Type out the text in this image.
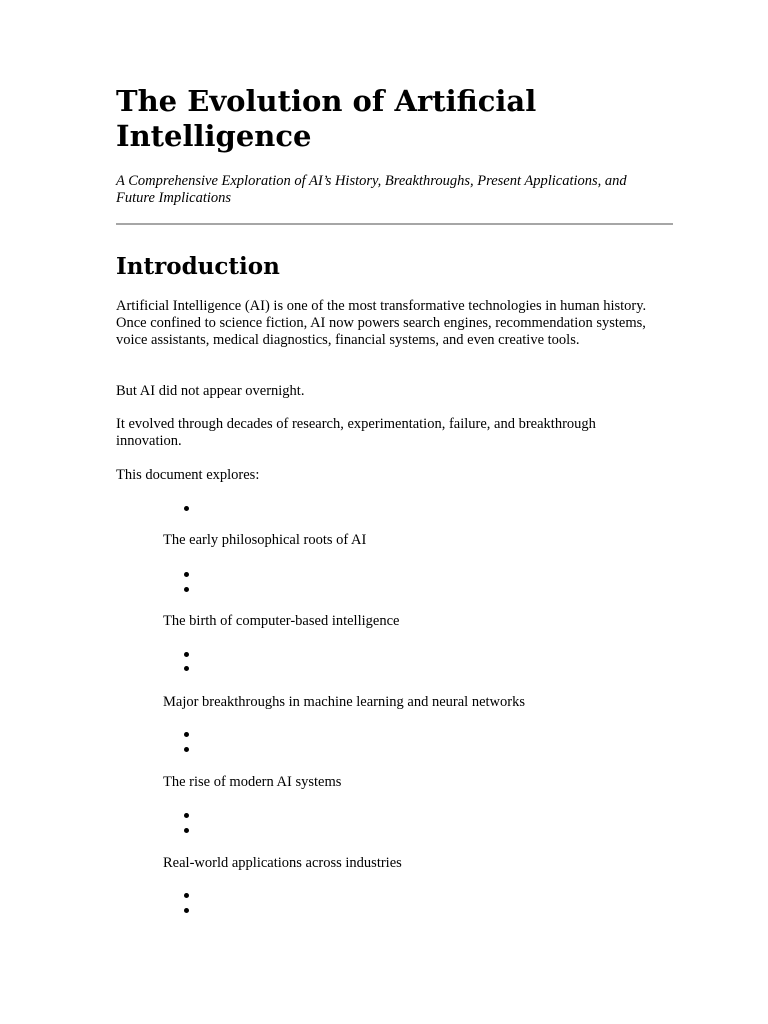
The Evolution of Artificial Intelligence

A Comprehensive Exploration of AI’s History, Breakthroughs, Present Applications, and Future Implications

Introduction

Artificial Intelligence (AI) is one of the most transformative technologies in human history. Once confined to science fiction, AI now powers search engines, recommendation systems, voice assistants, medical diagnostics, financial systems, and even creative tools.

But AI did not appear overnight.

It evolved through decades of research, experimentation, failure, and breakthrough innovation.

This document explores:

The early philosophical roots of AI

The birth of computer-based intelligence

Major breakthroughs in machine learning and neural networks

The rise of modern AI systems

Real-world applications across industries
